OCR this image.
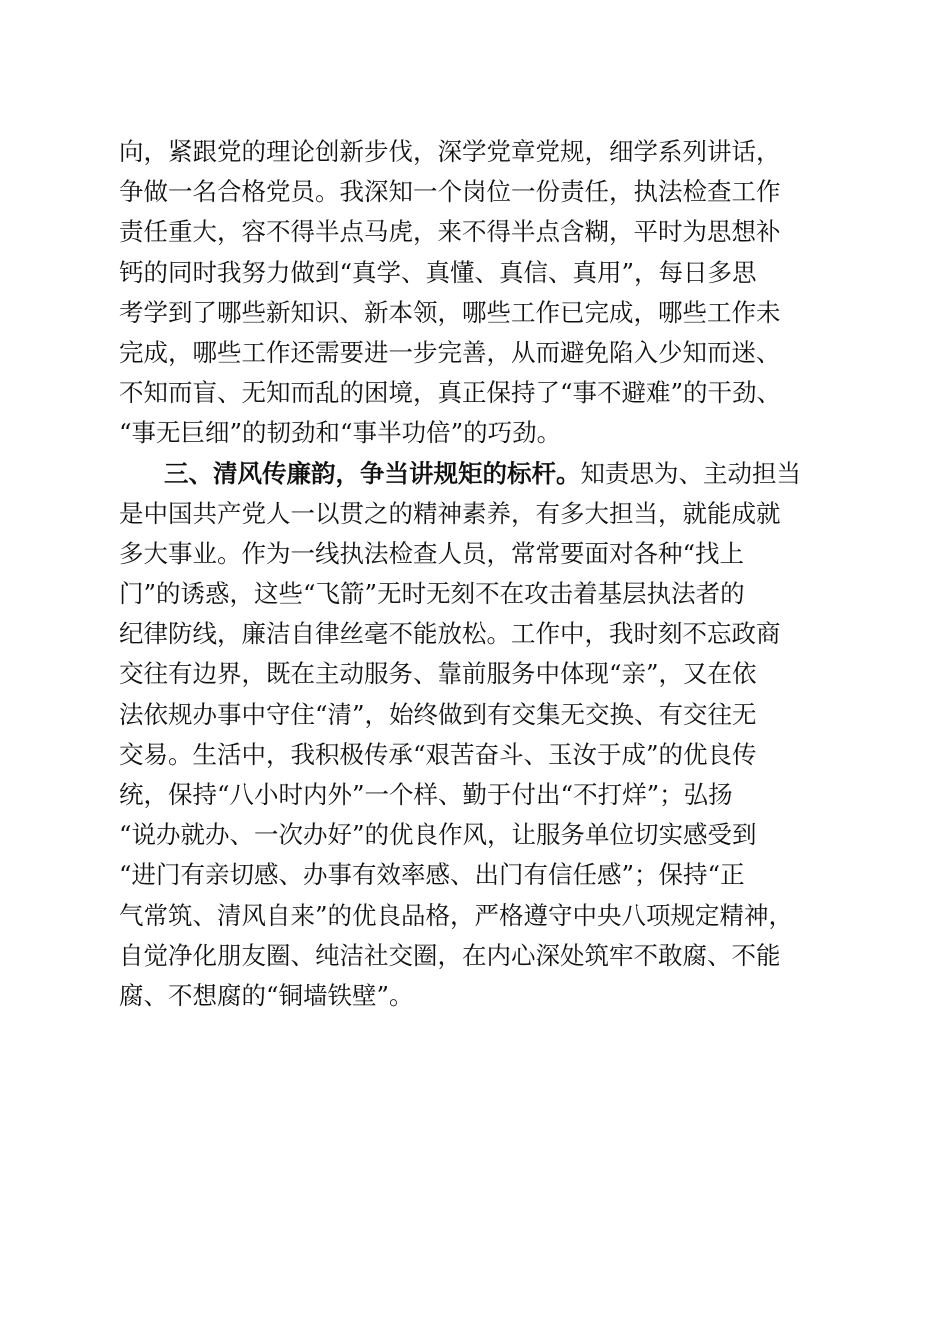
向，紧跟党的理论创新步伐，深学党章党规，细学系列讲话，
争做一名合格党员。我深知一个岗位一份责任，执法检查工作
责任重大，容不得半点马虎，来不得半点含糊，平时为思想补
钙的同时我努力做到“真学、真懂、真信、真用”，每日多思
考学到了哪些新知识、新本领，哪些工作已完成，哪些工作未
完成，哪些工作还需要进一步完善，从而避免陷入少知而迷、
不知而盲、无知而乱的困境，真正保持了“事不避难”的干劲、
“事无巨细”的韧劲和“事半功倍”的巧劲。
三、清风传廉韵，争当讲规矩的标杆。知责思为、主动担当
是中国共产党人一以贯之的精神素养，有多大担当，就能成就
多大事业。作为一线执法检查人员，常常要面对各种“找上
门”的诱惑，这些“飞箭”无时无刻不在攻击着基层执法者的
纪律防线，廉洁自律丝毫不能放松。工作中，我时刻不忘政商
交往有边界，既在主动服务、靠前服务中体现“亲”，又在依
法依规办事中守住“清”，始终做到有交集无交换、有交往无
交易。生活中，我积极传承“艰苦奋斗、玉汝于成”的优良传
统，保持“八小时内外”一个样、勤于付出“不打烊”；弘扬
“说办就办、一次办好”的优良作风，让服务单位切实感受到
“进门有亲切感、办事有效率感、出门有信任感”；保持“正
气常筑、清风自来”的优良品格，严格遵守中央八项规定精神，
自觉净化朋友圈、纯洁社交圈，在内心深处筑牢不敢腐、不能
腐、不想腐的“铜墙铁壁”。
